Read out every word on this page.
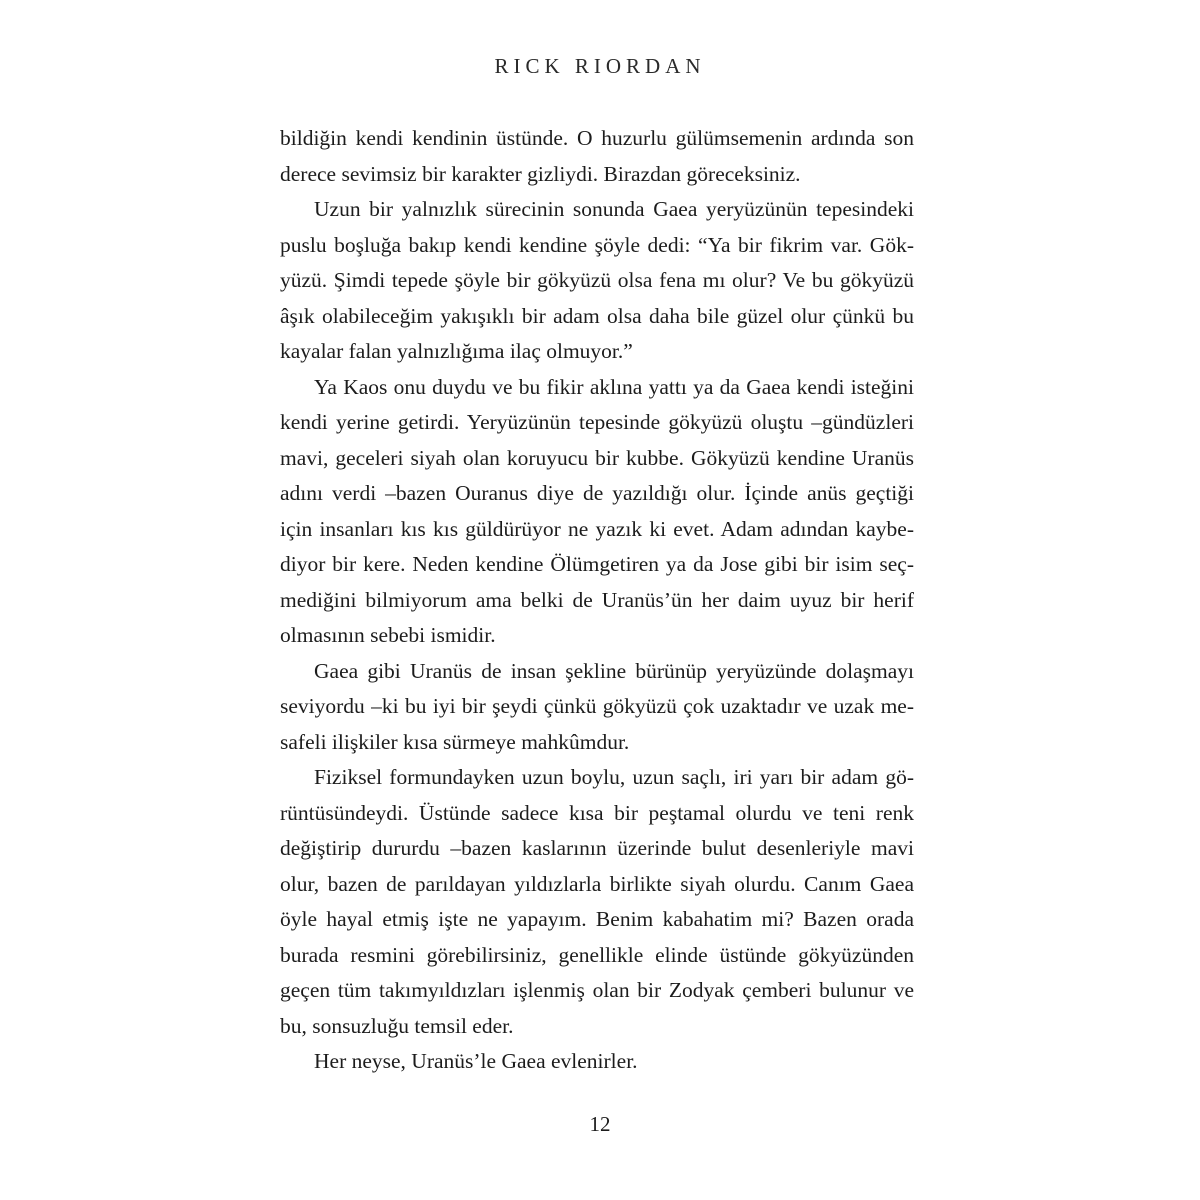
RICK RIORDAN
bildiğin kendi kendinin üstünde. O huzurlu gülümsemenin ardında son
derece sevimsiz bir karakter gizliydi. Birazdan göreceksiniz.
Uzun bir yalnızlık sürecinin sonunda Gaea yeryüzünün tepesindeki
puslu boşluğa bakıp kendi kendine şöyle dedi: “Ya bir fikrim var. Gök-
yüzü. Şimdi tepede şöyle bir gökyüzü olsa fena mı olur? Ve bu gökyüzü
âşık olabileceğim yakışıklı bir adam olsa daha bile güzel olur çünkü bu
kayalar falan yalnızlığıma ilaç olmuyor.”
Ya Kaos onu duydu ve bu fikir aklına yattı ya da Gaea kendi isteğini
kendi yerine getirdi. Yeryüzünün tepesinde gökyüzü oluştu –gündüzleri
mavi, geceleri siyah olan koruyucu bir kubbe. Gökyüzü kendine Uranüs
adını verdi –bazen Ouranus diye de yazıldığı olur. İçinde anüs geçtiği
için insanları kıs kıs güldürüyor ne yazık ki evet. Adam adından kaybe-
diyor bir kere. Neden kendine Ölümgetiren ya da Jose gibi bir isim seç-
mediğini bilmiyorum ama belki de Uranüs’ün her daim uyuz bir herif
olmasının sebebi ismidir.
Gaea gibi Uranüs de insan şekline bürünüp yeryüzünde dolaşmayı
seviyordu –ki bu iyi bir şeydi çünkü gökyüzü çok uzaktadır ve uzak me-
safeli ilişkiler kısa sürmeye mahkûmdur.
Fiziksel formundayken uzun boylu, uzun saçlı, iri yarı bir adam gö-
rüntüsündeydi. Üstünde sadece kısa bir peştamal olurdu ve teni renk
değiştirip dururdu –bazen kaslarının üzerinde bulut desenleriyle mavi
olur, bazen de parıldayan yıldızlarla birlikte siyah olurdu. Canım Gaea
öyle hayal etmiş işte ne yapayım. Benim kabahatim mi? Bazen orada
burada resmini görebilirsiniz, genellikle elinde üstünde gökyüzünden
geçen tüm takımyıldızları işlenmiş olan bir Zodyak çemberi bulunur ve
bu, sonsuzluğu temsil eder.
Her neyse, Uranüs’le Gaea evlenirler.
12
